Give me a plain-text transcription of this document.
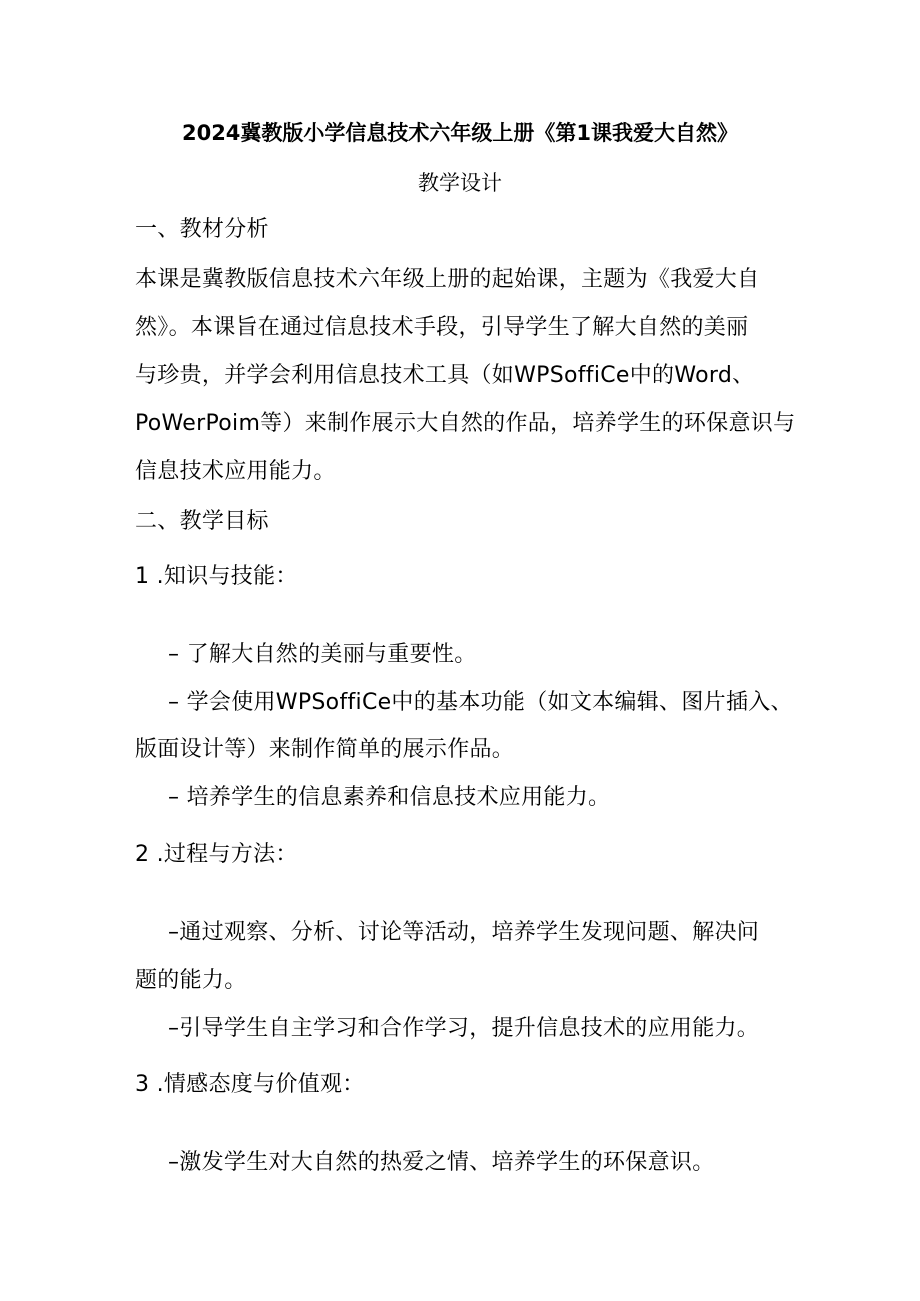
2024冀教版小学信息技术六年级上册《第1课我爱大自然》
教学设计
一、教材分析
本课是冀教版信息技术六年级上册的起始课，主题为《我爱大自
然》。本课旨在通过信息技术手段，引导学生了解大自然的美丽
与珍贵，并学会利用信息技术工具（如WPSoffiCe中的Word、
PoWerPoim等）来制作展示大自然的作品，培养学生的环保意识与
信息技术应用能力。
二、教学目标
1 .知识与技能：
– 了解大自然的美丽与重要性。
– 学会使用WPSoffiCe中的基本功能（如文本编辑、图片插入、
版面设计等）来制作简单的展示作品。
– 培养学生的信息素养和信息技术应用能力。
2 .过程与方法：
–通过观察、分析、讨论等活动，培养学生发现问题、解决问
题的能力。
–引导学生自主学习和合作学习，提升信息技术的应用能力。
3 .情感态度与价值观：
–激发学生对大自然的热爱之情、培养学生的环保意识。
